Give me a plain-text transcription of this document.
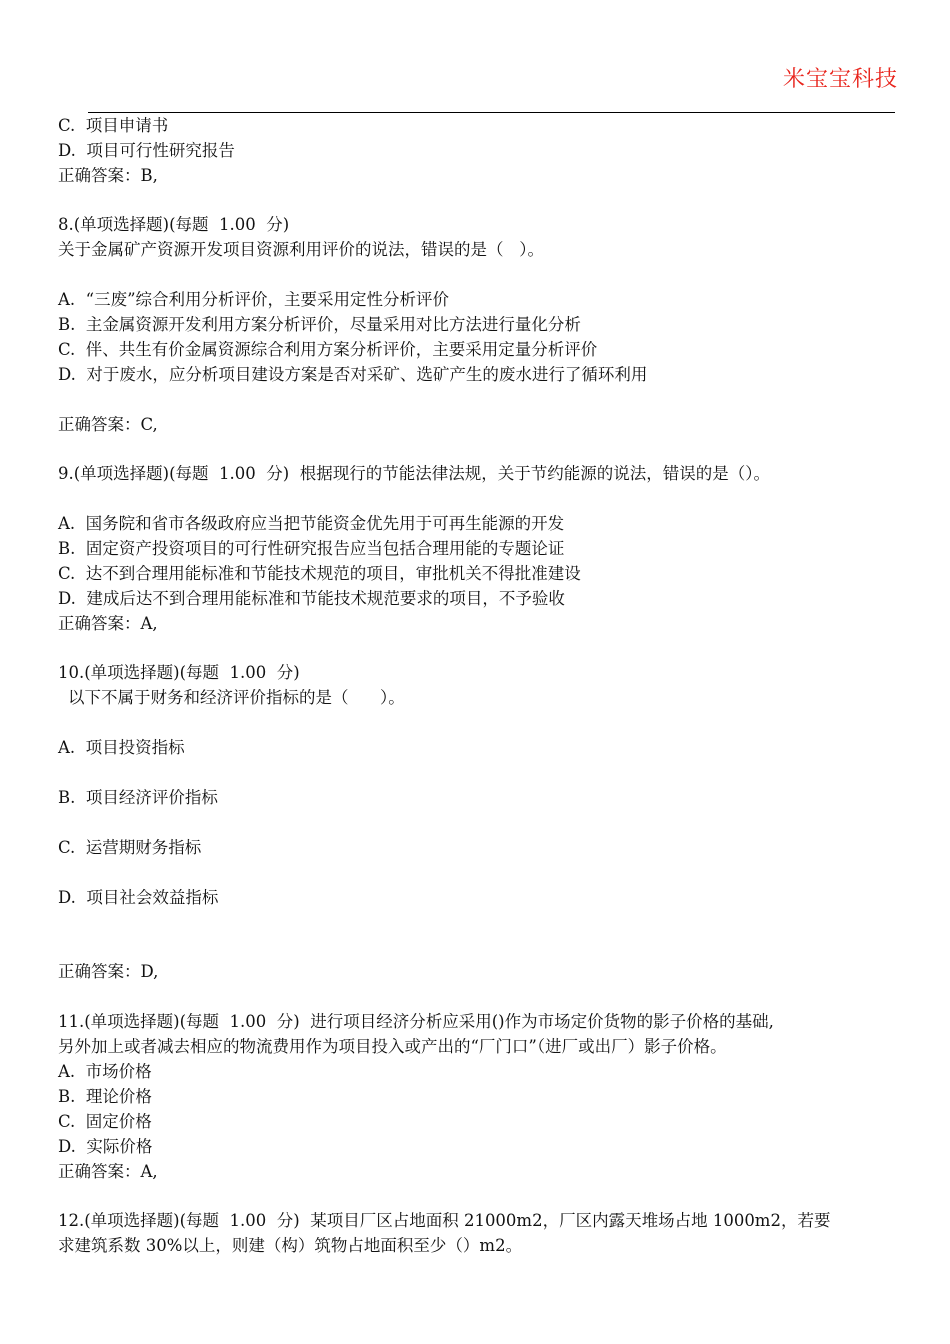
米宝宝科技
C.  项目申请书
D.  项目可行性研究报告
正确答案：B,
8.(单项选择题)(每题  1.00  分)
关于金属矿产资源开发项目资源利用评价的说法，错误的是（   ）。
A.  “三废”综合利用分析评价，主要采用定性分析评价
B.  主金属资源开发利用方案分析评价，尽量采用对比方法进行量化分析
C.  伴、共生有价金属资源综合利用方案分析评价，主要采用定量分析评价
D.  对于废水，应分析项目建设方案是否对采矿、选矿产生的废水进行了循环利用
正确答案：C,
9.(单项选择题)(每题  1.00  分)  根据现行的节能法律法规，关于节约能源的说法，错误的是（）。
A.  国务院和省市各级政府应当把节能资金优先用于可再生能源的开发
B.  固定资产投资项目的可行性研究报告应当包括合理用能的专题论证
C.  达不到合理用能标准和节能技术规范的项目，审批机关不得批准建设
D.  建成后达不到合理用能标准和节能技术规范要求的项目，不予验收
正确答案：A,
10.(单项选择题)(每题  1.00  分)
以下不属于财务和经济评价指标的是（      ）。
A.  项目投资指标
B.  项目经济评价指标
C.  运营期财务指标
D.  项目社会效益指标
正确答案：D,
11.(单项选择题)(每题  1.00  分)  进行项目经济分析应采用()作为市场定价货物的影子价格的基础,
另外加上或者减去相应的物流费用作为项目投入或产出的“厂门口”（进厂或出厂）影子价格。
A.  市场价格
B.  理论价格
C.  固定价格
D.  实际价格
正确答案：A,
12.(单项选择题)(每题  1.00  分)  某项目厂区占地面积 21000m2，厂区内露天堆场占地 1000m2，若要
求建筑系数 30%以上，则建（构）筑物占地面积至少（）m2。
